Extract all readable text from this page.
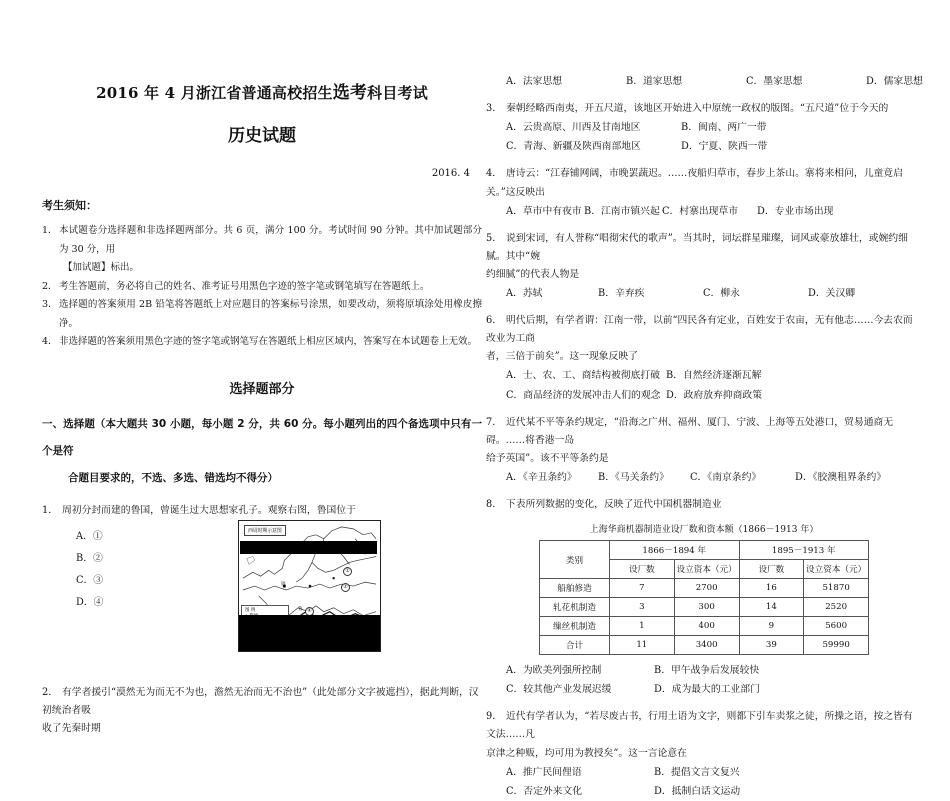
2016 年 4 月浙江省普通高校招生选考科目考试
历史试题
2016. 4
考生须知：
1． 本试题卷分选择题和非选择题两部分。共 6 页，满分 100 分。考试时间 90 分钟。其中加试题部分为 30 分，用
【加试题】标出。
2． 考生答题前，务必将自己的姓名、准考证号用黑色字迹的签字笔或钢笔填写在答题纸上。
3． 选择题的答案须用 2B 铅笔将答题纸上对应题目的答案标号涂黑，如要改动，须将原填涂处用橡皮擦净。
4． 非选择题的答案须用黑色字迹的签字笔或钢笔写在答题纸上相应区域内，答案写在本试题卷上无效。
选择题部分
一、选择题（本大题共 30 小题，每小题 2 分，共 60 分。每小题列出的四个备选项中只有一个是符
合题目要求的，不选、多选、错选均不得分）
1． 周初分封而建的鲁国，曾诞生过大思想家孔子。观察右图，鲁国位于
A．①
B．②
C．③
D．④
西周时期示意图
①
②
④
镐
鲁
图 例
2． 有学者援引“漠然无为而无不为也，澹然无治而无不治也”（此处部分文字被遮挡），据此判断，汉初统治者吸
收了先秦时期
A．法家思想	B．道家思想	C．墨家思想	D．儒家思想
3． 秦朝经略西南夷，开五尺道，该地区开始进入中原统一政权的版图。“五尺道”位于今天的
A．云贵高原、川西及甘南地区	B．闽南、两广一带
C．青海、新疆及陕西南部地区	D．宁夏、陕西一带
4． 唐诗云：“江春铺网阔，市晚罢蔬迟。……夜船归草市，春步上茶山。寨将来相问，儿童竟启关。”这反映出
A．草市中有夜市 B．江南市镇兴起 C．村寨出现草市 D．专业市场出现
5． 说到宋词，有人誉称“唱彻宋代的歌声”。当其时，词坛群星璀璨，词风或豪放雄壮，或婉约细腻。其中“婉
约细腻”的代表人物是
A．苏轼	B．辛弃疾	C．柳永	D．关汉卿
6． 明代后期，有学者谓：江南一带，以前“四民各有定业，百姓安于农亩，无有他志……今去农而改业为工商
者，三倍于前矣”。这一现象反映了
A．士、农、工、商结构被彻底打破 B．自然经济逐渐瓦解
C．商品经济的发展冲击人们的观念 D．政府放弃抑商政策
7． 近代某不平等条约规定，“沿海之广州、福州、厦门、宁波、上海等五处港口，贸易通商无碍。……将香港一岛
给予英国”。该不平等条约是
A．《辛丑条约》 B．《马关条约》 C．《南京条约》	D．《胶澳租界条约》
8． 下表所列数据的变化，反映了近代中国机器制造业
上海华商机器制造业设厂数和资本额（1866－1913 年）
类别	1866－1894 年		1895－1913 年	
	设厂数	设立资本（元）	设厂数	设立资本（元）
船舶修造	7	2700	16	51870
轧花机制造	3	300	14	2520
缫丝机制造	1	400	9	5600
合计	11	3400	39	59990
A．为欧美列强所控制	B．甲午战争后发展较快
C．较其他产业发展迟缓	D．成为最大的工业部门
9． 近代有学者认为，“若尽废古书，行用土语为文字，则都下引车卖浆之徒，所操之语，按之皆有文法……凡
京津之种贩，均可用为教授矣”。这一言论意在
A．推广民间俚语	B．提倡文言文复兴
C．否定外来文化	D．抵制白话文运动
